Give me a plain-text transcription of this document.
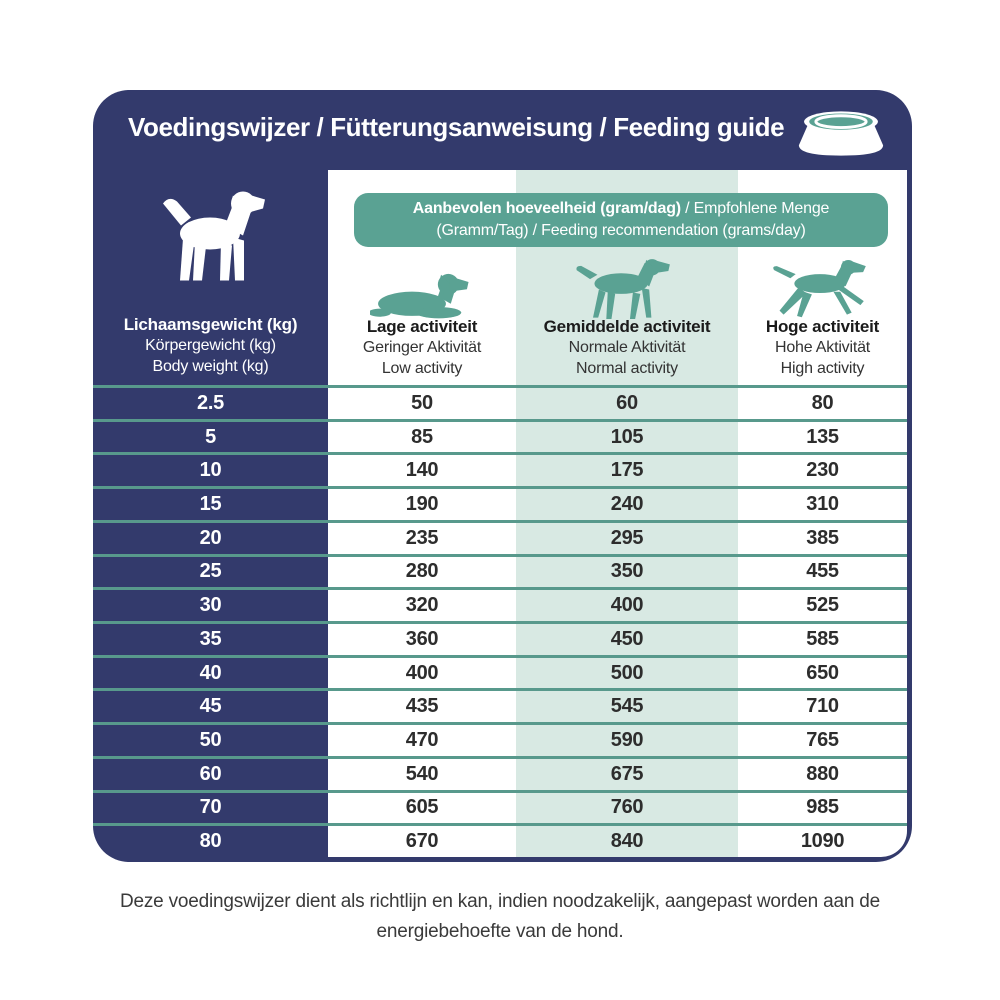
Voedingswijzer / Fütterungsanweisung / Feeding guide
Lichaamsgewicht (kg)
Körpergewicht (kg)
Body weight (kg)
Aanbevolen hoeveelheid (gram/dag) / Empfohlene Menge
(Gramm/Tag) / Feeding recommendation (grams/day)
Lage activiteit
Geringer Aktivität
Low activity
Gemiddelde activiteit
Normale Aktivität
Normal activity
Hoge activiteit
Hohe Aktivität
High activity
2.5	50	60	80
5	85	105	135
10	140	175	230
15	190	240	310
20	235	295	385
25	280	350	455
30	320	400	525
35	360	450	585
40	400	500	650
45	435	545	710
50	470	590	765
60	540	675	880
70	605	760	985
80	670	840	1090
Deze voedingswijzer dient als richtlijn en kan, indien noodzakelijk, aangepast worden aan de
energiebehoefte van de hond.
